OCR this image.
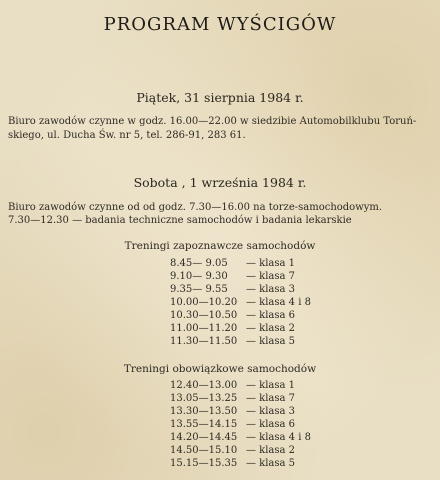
PROGRAM WYŚCIGÓW
Piątek, 31 sierpnia 1984 r.
Biuro zawodów czynne w godz. 16.00—22.00 w siedzibie Automobilklubu Toruń-
skiego, ul. Ducha Św. nr 5, tel. 286-91, 283 61.
Sobota , 1 września 1984 r.
Biuro zawodów czynne od od godz. 7.30—16.00 na torze-samochodowym.
7.30—12.30 — badania techniczne samochodów i badania lekarskie
Treningi zapoznawcze samochodów
8.45— 9.05 — klasa 1
9.10— 9.30 — klasa 7
9.35— 9.55 — klasa 3
10.00—10.20 — klasa 4 i 8
10.30—10.50 — klasa 6
11.00—11.20 — klasa 2
11.30—11.50 — klasa 5
Treningi obowiązkowe samochodów
12.40—13.00 — klasa 1
13.05—13.25 — klasa 7
13.30—13.50 — klasa 3
13.55—14.15 — klasa 6
14.20—14.45 — klasa 4 i 8
14.50—15.10 — klasa 2
15.15—15.35 — klasa 5
